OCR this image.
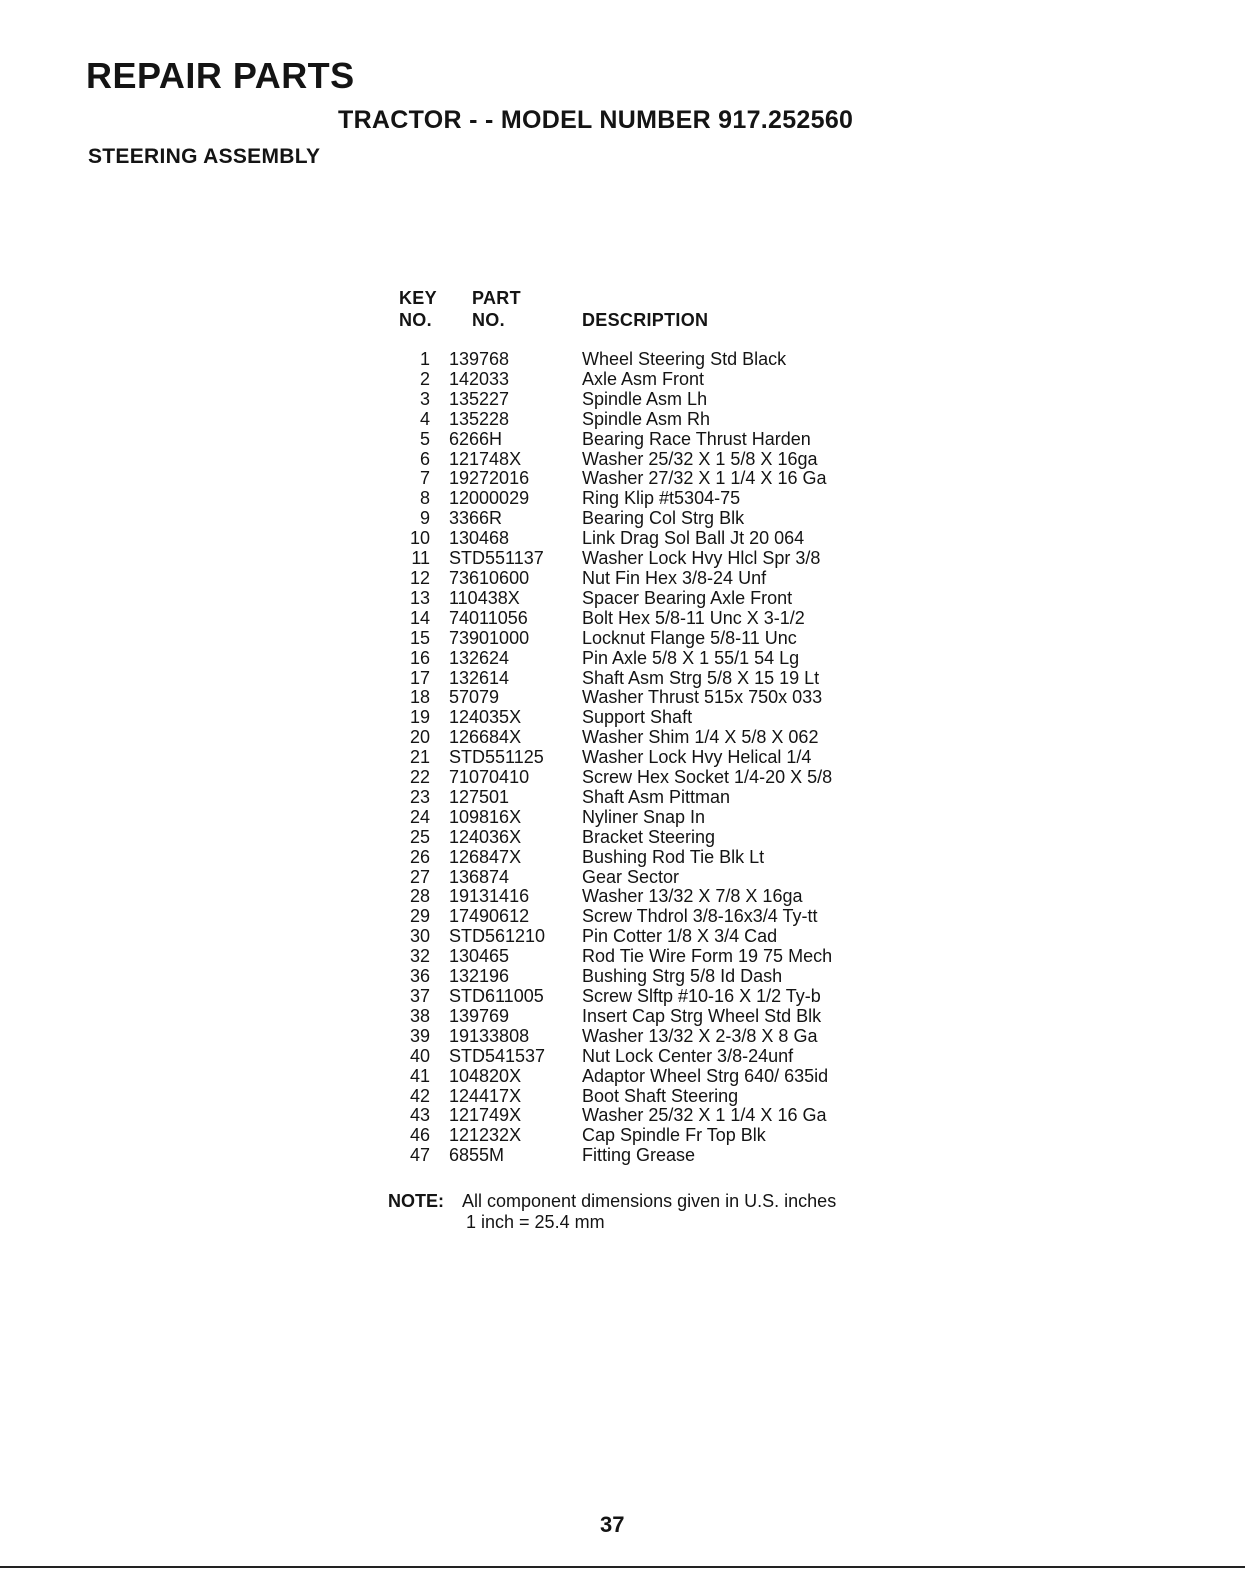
REPAIR PARTS
TRACTOR - - MODEL NUMBER 917.252560
STEERING ASSEMBLY
KEY
NO.
PART
NO.	DESCRIPTION
1	139768	Wheel Steering Std Black
2	142033	Axle Asm Front
3	135227	Spindle Asm Lh
4	135228	Spindle Asm Rh
5	6266H	Bearing Race Thrust Harden
6	121748X	Washer 25/32 X 1 5/8 X 16ga
7	19272016	Washer 27/32 X 1 1/4 X 16 Ga
8	12000029	Ring Klip #t5304-75
9	3366R	Bearing Col Strg Blk
10	130468	Link Drag Sol Ball Jt 20 064
11	STD551137	Washer Lock Hvy Hlcl Spr 3/8
12	73610600	Nut Fin Hex 3/8-24 Unf
13	110438X	Spacer Bearing Axle Front
14	74011056	Bolt Hex 5/8-11 Unc X 3-1/2
15	73901000	Locknut Flange 5/8-11 Unc
16	132624	Pin Axle 5/8 X 1 55/1 54 Lg
17	132614	Shaft Asm Strg 5/8 X 15 19 Lt
18	57079	Washer Thrust 515x 750x 033
19	124035X	Support Shaft
20	126684X	Washer Shim 1/4 X 5/8 X 062
21	STD551125	Washer Lock Hvy Helical 1/4
22	71070410	Screw Hex Socket 1/4-20 X 5/8
23	127501	Shaft Asm Pittman
24	109816X	Nyliner Snap In
25	124036X	Bracket Steering
26	126847X	Bushing Rod Tie Blk Lt
27	136874	Gear Sector
28	19131416	Washer 13/32 X 7/8 X 16ga
29	17490612	Screw Thdrol 3/8-16x3/4 Ty-tt
30	STD561210	Pin Cotter 1/8 X 3/4 Cad
32	130465	Rod Tie Wire Form 19 75 Mech
36	132196	Bushing Strg 5/8 Id Dash
37	STD611005	Screw Slftp #10-16 X 1/2 Ty-b
38	139769	Insert Cap Strg Wheel Std Blk
39	19133808	Washer 13/32 X 2-3/8 X 8 Ga
40	STD541537	Nut Lock Center 3/8-24unf
41	104820X	Adaptor Wheel Strg 640/ 635id
42	124417X	Boot Shaft Steering
43	121749X	Washer 25/32 X 1 1/4 X 16 Ga
46	121232X	Cap Spindle Fr Top Blk
47	6855M	Fitting Grease
NOTE: All component dimensions given in U.S. inches
1 inch = 25.4 mm
37
